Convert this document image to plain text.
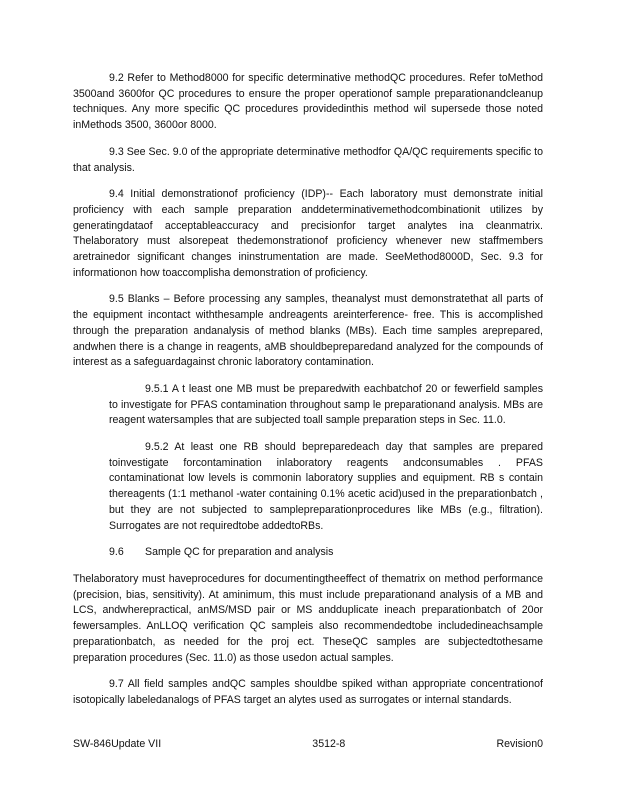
9.2 Refer to Method8000 for specific determinative methodQC procedures. Refer toMethod 3500and 3600for QC procedures to ensure the proper operationof sample preparationandcleanup techniques. Any more specific QC procedures providedinthis method wil supersede those noted inMethods 3500, 3600or 8000.

9.3 See Sec. 9.0 of the appropriate determinative methodfor QA/QC requirements specific to that analysis.

9.4 Initial demonstrationof proficiency (IDP)-- Each laboratory must demonstrate initial proficiency with each sample preparation anddeterminativemethodcombinationit utilizes by generatingdataof acceptableaccuracy and precisionfor target analytes ina cleanmatrix. Thelaboratory must alsorepeat thedemonstrationof proficiency whenever new staffmembers aretrainedor significant changes ininstrumentation are made. SeeMethod8000D, Sec. 9.3 for informationon how toaccomplisha demonstration of proficiency.

9.5 Blanks – Before processing any samples, theanalyst must demonstratethat all parts of the equipment incontact withthesample andreagents areinterference- free. This is accomplished through the preparation andanalysis of method blanks (MBs). Each time samples areprepared, andwhen there is a change in reagents, aMB shouldbepreparedand analyzed for the compounds of interest as a safeguardagainst chronic laboratory contamination.

9.5.1 A t least one MB must be preparedwith eachbatchof 20 or fewerfield samples to investigate for PFAS contamination throughout samp le preparationand analysis. MBs are reagent watersamples that are subjected toall sample preparation steps in Sec. 11.0.

9.5.2 At least one RB should bepreparedeach day that samples are prepared toinvestigate forcontamination inlaboratory reagents andconsumables . PFAS contaminationat low levels is commonin laboratory supplies and equipment. RB s contain thereagents (1:1 methanol -water containing 0.1% acetic acid)used in the preparationbatch , but they are not subjected to samplepreparationprocedures like MBs (e.g., filtration). Surrogates are not requiredtobe addedtoRBs.

9.6 Sample QC for preparation and analysis

Thelaboratory must haveprocedures for documentingtheeffect of thematrix on method performance (precision, bias, sensitivity). At aminimum, this must include preparationand analysis of a MB and LCS, andwherepractical, anMS/MSD pair or MS andduplicate ineach preparationbatch of 20or fewersamples. AnLLOQ verification QC sampleis also recommendedtobe includedineachsample preparationbatch, as needed for the proj ect. TheseQC samples are subjectedtothesame preparation procedures (Sec. 11.0) as those usedon actual samples.

9.7 All field samples andQC samples shouldbe spiked withan appropriate concentrationof isotopically labeledanalogs of PFAS target an alytes used as surrogates or internal standards.

SW-846Update VII	3512-8	Revision0
